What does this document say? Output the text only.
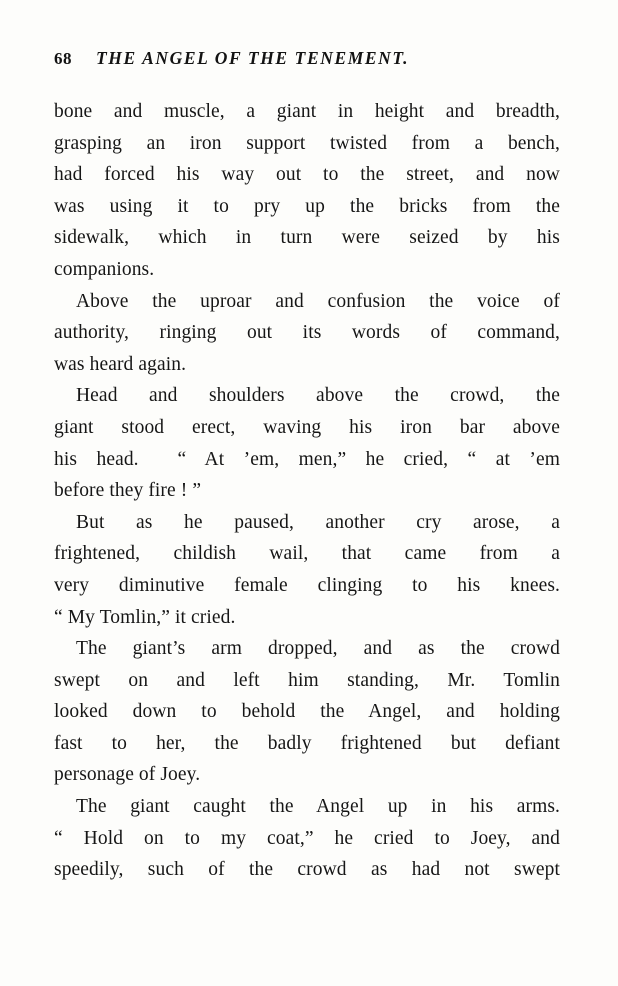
68 THE ANGEL OF THE TENEMENT.

bone and muscle, a giant in height and breadth,
grasping an iron support twisted from a bench,
had forced his way out to the street, and now
was using it to pry up the bricks from the
sidewalk, which in turn were seized by his
companions.

Above the uproar and confusion the voice of
authority, ringing out its words of command,
was heard again.

Head and shoulders above the crowd, the
giant stood erect, waving his iron bar above
his head.  “ At ’em, men,” he cried, “ at ’em
before they fire ! ”

But as he paused, another cry arose, a
frightened, childish wail, that came from a
very diminutive female clinging to his knees.
“ My Tomlin,” it cried.

The giant’s arm dropped, and as the crowd
swept on and left him standing, Mr. Tomlin
looked down to behold the Angel, and holding
fast to her, the badly frightened but defiant
personage of Joey.

The giant caught the Angel up in his arms.
“ Hold on to my coat,” he cried to Joey, and
speedily, such of the crowd as had not swept
